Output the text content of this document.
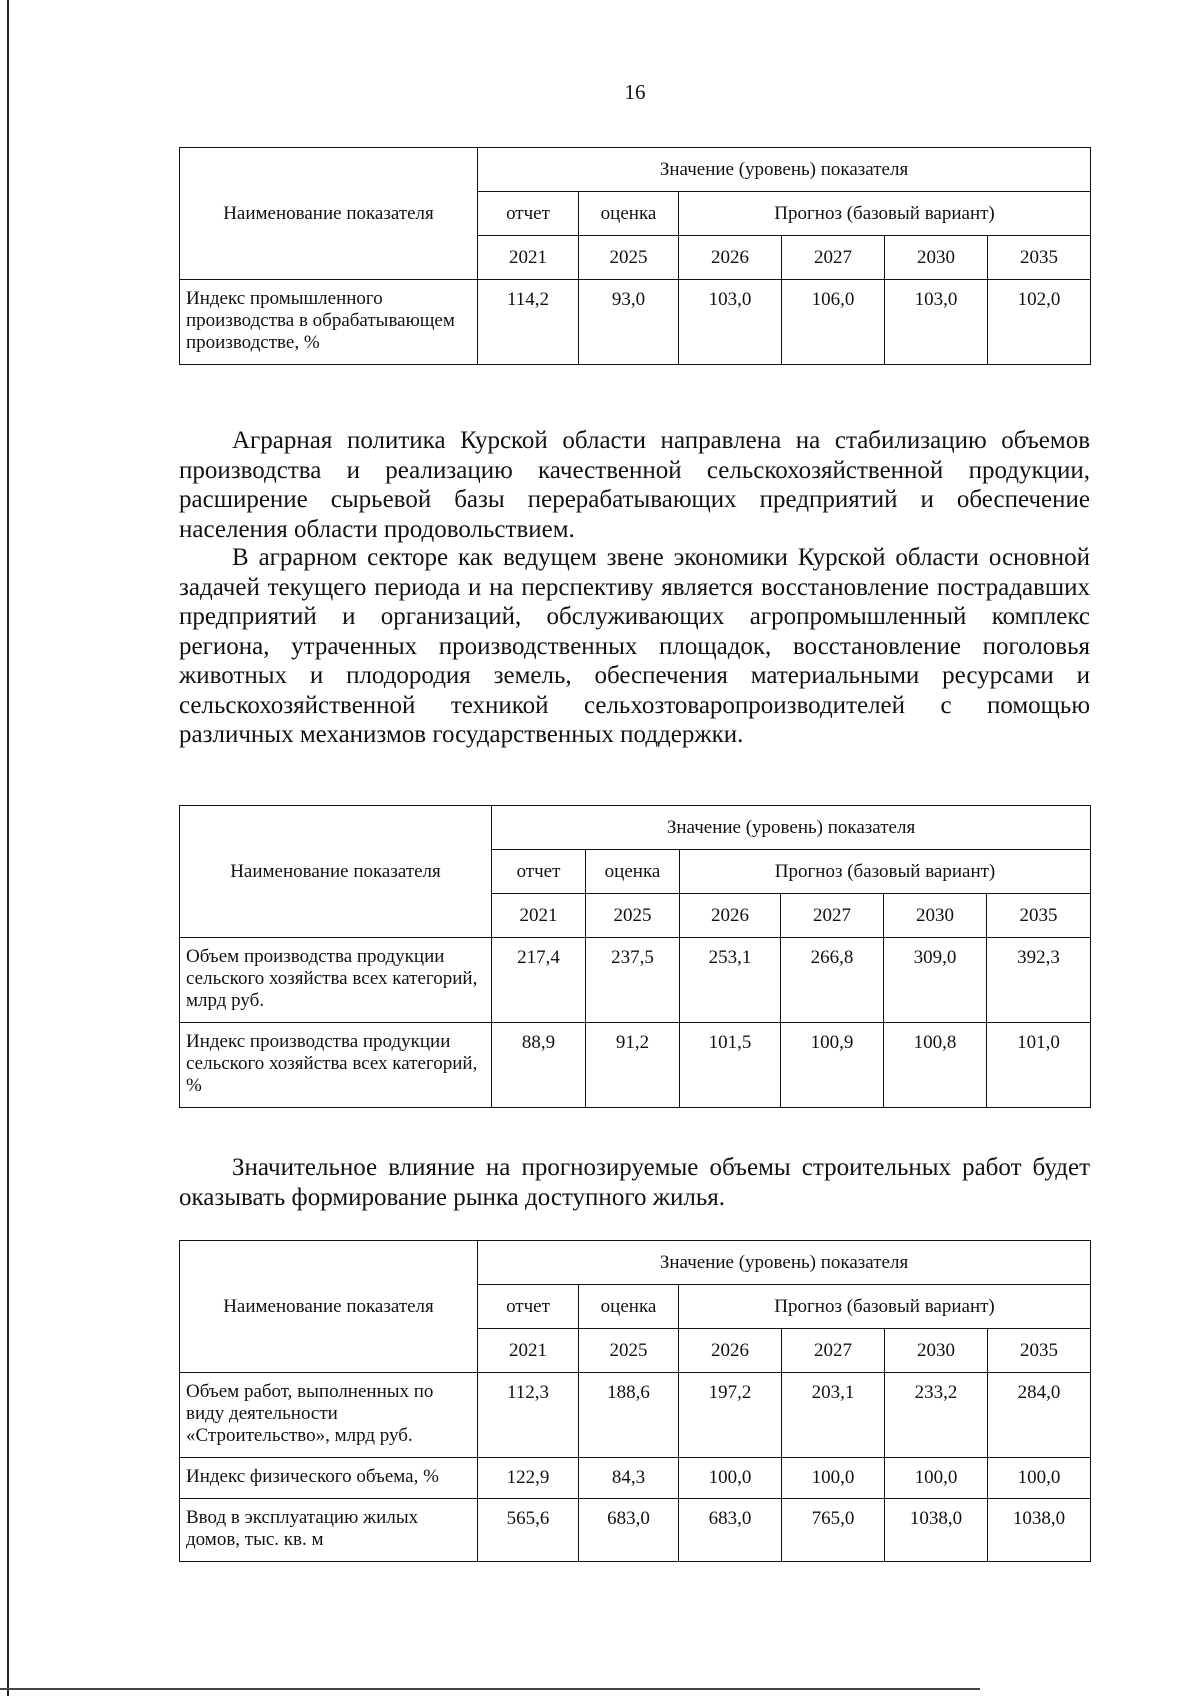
16
Наименование показателя	Значение (уровень) показателя					
	отчет	оценка	Прогноз (базовый вариант)			
	2021	2025	2026	2027	2030	2035
Индекс промышленного производства в обрабатывающем производстве, %	114,2	93,0	103,0	106,0	103,0	102,0

Аграрная политика Курской области направлена на стабилизацию объемов производства и реализацию качественной сельскохозяйственной продукции, расширение сырьевой базы перерабатывающих предприятий и обеспечение населения области продовольствием.

В аграрном секторе как ведущем звене экономики Курской области основной задачей текущего периода и на перспективу является восстановление пострадавших предприятий и организаций, обслуживающих агропромышленный комплекс региона, утраченных производственных площадок, восстановление поголовья животных и плодородия земель, обеспечения материальными ресурсами и сельскохозяйственной техникой сельхозтоваропроизводителей с помощью различных механизмов государственных поддержки.

Наименование показателя	Значение (уровень) показателя					
	отчет	оценка	Прогноз (базовый вариант)			
	2021	2025	2026	2027	2030	2035
Объем производства продукции сельского хозяйства всех категорий, млрд руб.	217,4	237,5	253,1	266,8	309,0	392,3
Индекс производства продукции сельского хозяйства всех категорий, %	88,9	91,2	101,5	100,9	100,8	101,0

Значительное влияние на прогнозируемые объемы строительных работ будет оказывать формирование рынка доступного жилья.

Наименование показателя	Значение (уровень) показателя					
	отчет	оценка	Прогноз (базовый вариант)			
	2021	2025	2026	2027	2030	2035
Объем работ, выполненных по виду деятельности «Строительство», млрд руб.	112,3	188,6	197,2	203,1	233,2	284,0
Индекс физического объема, %	122,9	84,3	100,0	100,0	100,0	100,0
Ввод в эксплуатацию жилых домов, тыс. кв. м	565,6	683,0	683,0	765,0	1038,0	1038,0
